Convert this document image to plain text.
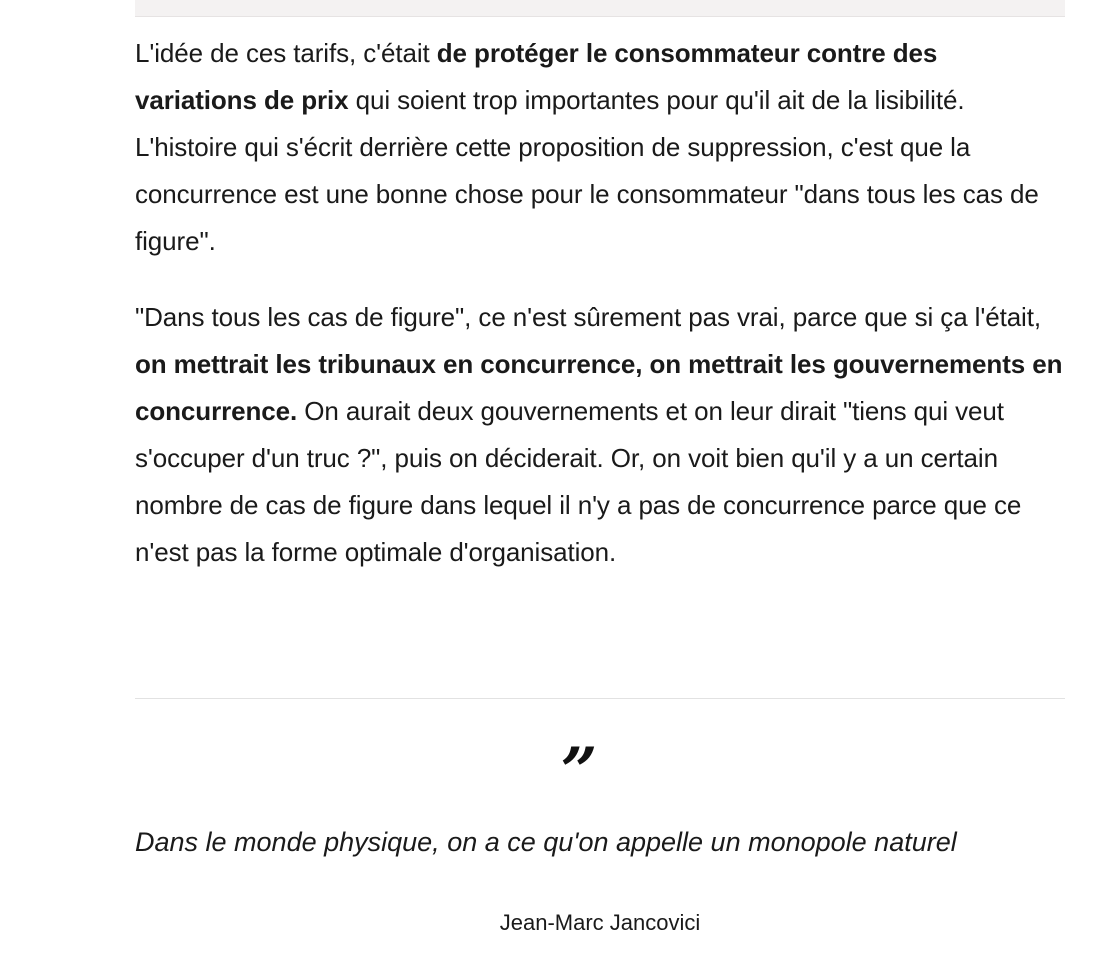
L'idée de ces tarifs, c'était de protéger le consommateur contre des variations de prix qui soient trop importantes pour qu'il ait de la lisibilité. L'histoire qui s'écrit derrière cette proposition de suppression, c'est que la concurrence est une bonne chose pour le consommateur "dans tous les cas de figure".

"Dans tous les cas de figure", ce n'est sûrement pas vrai, parce que si ça l'était, on mettrait les tribunaux en concurrence, on mettrait les gouvernements en concurrence. On aurait deux gouvernements et on leur dirait "tiens qui veut s'occuper d'un truc ?", puis on déciderait. Or, on voit bien qu'il y a un certain nombre de cas de figure dans lequel il n'y a pas de concurrence parce que ce n'est pas la forme optimale d'organisation.

”

Dans le monde physique, on a ce qu'on appelle un monopole naturel

Jean-Marc Jancovici
